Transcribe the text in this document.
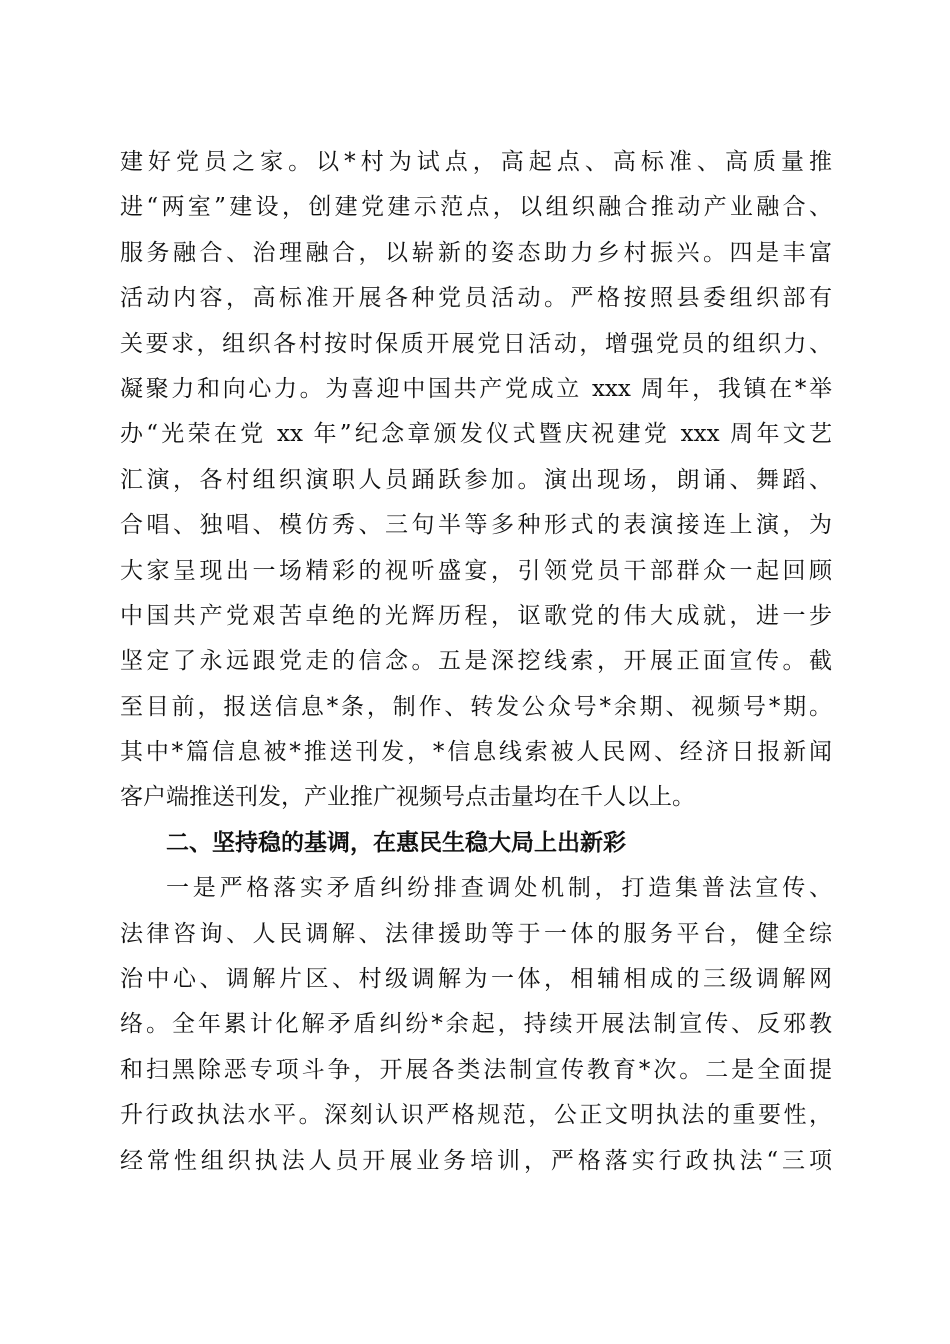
建好党员之家。以*村为试点，高起点、高标准、高质量推
进“两室”建设，创建党建示范点，以组织融合推动产业融合、
服务融合、治理融合，以崭新的姿态助力乡村振兴。四是丰富
活动内容，高标准开展各种党员活动。严格按照县委组织部有
关要求，组织各村按时保质开展党日活动，增强党员的组织力、
凝聚力和向心力。为喜迎中国共产党成立 xxx 周年，我镇在*举
办“光荣在党 xx 年”纪念章颁发仪式暨庆祝建党 xxx 周年文艺
汇演，各村组织演职人员踊跃参加。演出现场，朗诵、舞蹈、
合唱、独唱、模仿秀、三句半等多种形式的表演接连上演，为
大家呈现出一场精彩的视听盛宴，引领党员干部群众一起回顾
中国共产党艰苦卓绝的光辉历程，讴歌党的伟大成就，进一步
坚定了永远跟党走的信念。五是深挖线索，开展正面宣传。截
至目前，报送信息*条，制作、转发公众号*余期、视频号*期。
其中*篇信息被*推送刊发，*信息线索被人民网、经济日报新闻
客户端推送刊发，产业推广视频号点击量均在千人以上。
二、坚持稳的基调，在惠民生稳大局上出新彩
一是严格落实矛盾纠纷排查调处机制，打造集普法宣传、
法律咨询、人民调解、法律援助等于一体的服务平台，健全综
治中心、调解片区、村级调解为一体，相辅相成的三级调解网
络。全年累计化解矛盾纠纷*余起，持续开展法制宣传、反邪教
和扫黑除恶专项斗争，开展各类法制宣传教育*次。二是全面提
升行政执法水平。深刻认识严格规范，公正文明执法的重要性，
经常性组织执法人员开展业务培训，严格落实行政执法“三项
